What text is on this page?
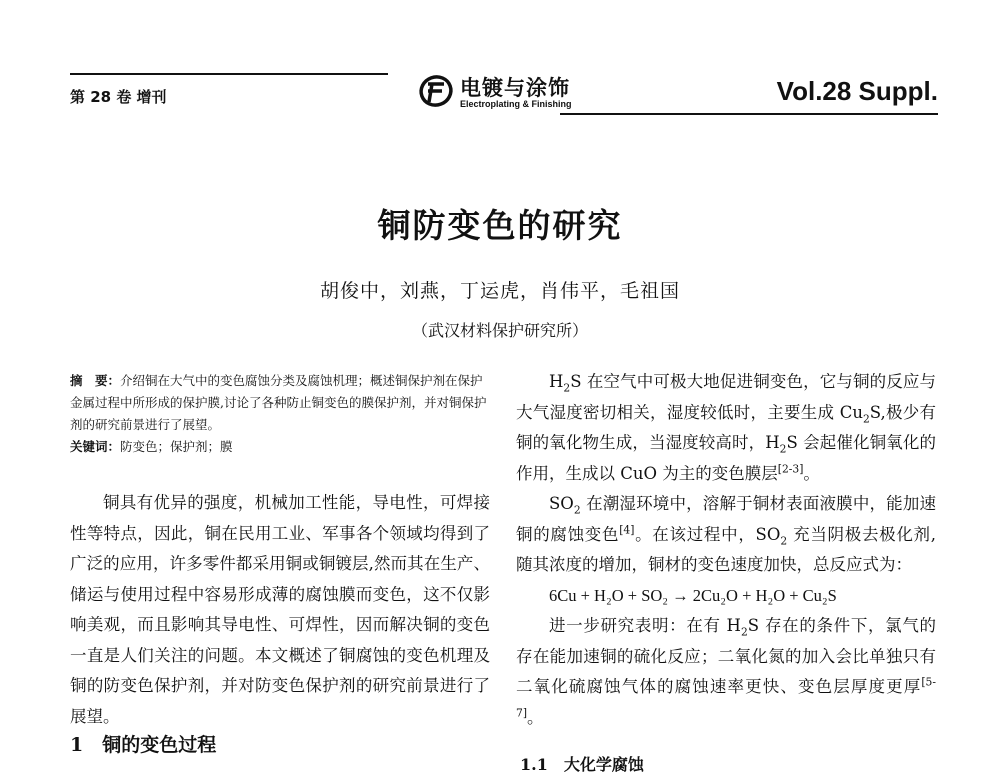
第 28 卷 增刊	电镀与涂饰
Electroplating & Finishing	Vol.28 Suppl.
铜防变色的研究
胡俊中，刘燕，丁运虎，肖伟平，毛祖国
（武汉材料保护研究所）
摘　要：介绍铜在大气中的变色腐蚀分类及腐蚀机理；概述铜保护剂在保护金属过程中所形成的保护膜,讨论了各种防止铜变色的膜保护剂，并对铜保护剂的研究前景进行了展望。
关键词：防变色；保护剂；膜

铜具有优异的强度，机械加工性能，导电性，可焊接性等特点，因此，铜在民用工业、军事各个领域均得到了广泛的应用，许多零件都采用铜或铜镀层,然而其在生产、储运与使用过程中容易形成薄的腐蚀膜而变色，这不仅影响美观，而且影响其导电性、可焊性，因而解决铜的变色一直是人们关注的问题。本文概述了铜腐蚀的变色机理及铜的防变色保护剂，并对防变色保护剂的研究前景进行了展望。

1　铜的变色过程

$H_2S$ 在空气中可极大地促进铜变色，它与铜的反应与大气湿度密切相关，湿度较低时，主要生成 $Cu_2S$,极少有铜的氧化物生成，当湿度较高时，$H_2S$ 会起催化铜氧化的作用，生成以 CuO 为主的变色膜层[2-3]。

$SO_2$ 在潮湿环境中，溶解于铜材表面液膜中，能加速铜的腐蚀变色[4]。在该过程中，$SO_2$ 充当阴极去极化剂,随其浓度的增加，铜材的变色速度加快，总反应式为：

6Cu + H₂O + SO₂ → 2Cu₂O + H₂O + Cu₂S

进一步研究表明：在有 $H_2S$ 存在的条件下，氯气的存在能加速铜的硫化反应；二氧化氮的加入会比单独只有二氧化硫腐蚀气体的腐蚀速率更快、变色层厚度更厚[5-7]。

1.1　大化学腐蚀
